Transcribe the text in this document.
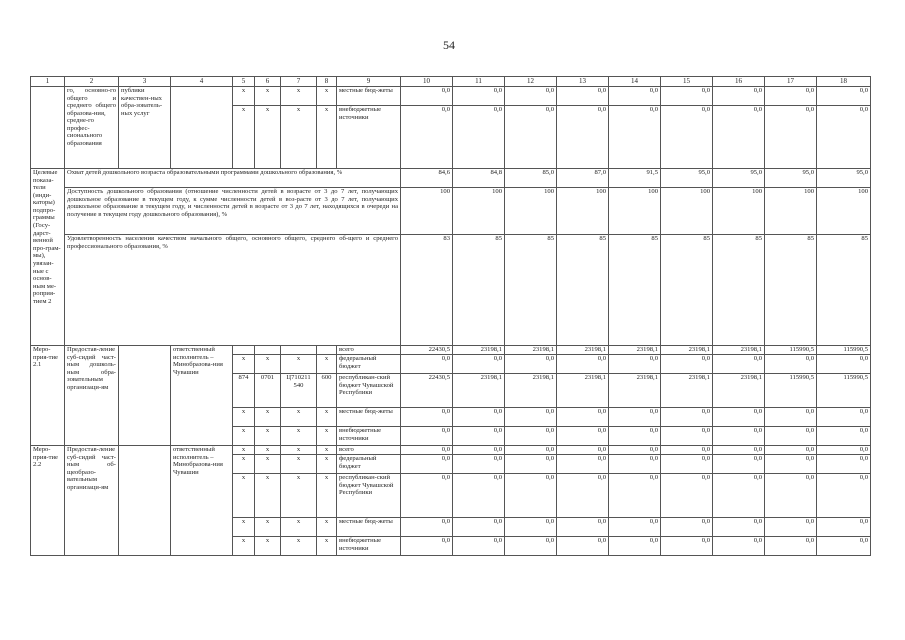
54
1	2	3	4	5	6	7	8	9	10	11	12	13	14	15	16	17	18
	го, основно-го общего и среднего общего образова-ния, средне-го профес-сионального образования	публики качествен-ных обра-зователь-ных услуг		x	x	x	x	местные бюд-жеты	0,0	0,0	0,0	0,0	0,0	0,0	0,0	0,0	0,0
				x	x	x	x	внебюджетные источники	0,0	0,0	0,0	0,0	0,0	0,0	0,0	0,0	0,0
Целевые показа-тели (инди-каторы) подпро-граммы (Госу-дарст-венной про-грам-мы), увязан-ные с основ-ным ме-роприя-тием 2	Охват детей дошкольного возраста образовательными программами дошкольного образования, %								84,6	84,8	85,0	87,0	91,5	95,0	95,0	95,0	95,0
	Доступность дошкольного образования (отношение численности детей в возрасте от 3 до 7 лет, получающих дошкольное образование в текущем году, к сумме численности детей в воз-расте от 3 до 7 лет, получающих дошкольное образование в текущем году, и численности детей в возрасте от 3 до 7 лет, находящихся в очереди на получение в текущем году дошкольного образования), %								100	100	100	100	100	100	100	100	100
	Удовлетворенность населения качеством начального общего, основного общего, среднего об-щего и среднего профессионального образования, %								83	85	85	85	85	85	85	85	85
Меро-прия-тие 2.1	Предостав-ление суб-сидий част-ным дошколь-ным обра-зовательным организаци-ям		ответственный исполнитель – Минобразова-ния Чувашии					всего	22430,5	23198,1	23198,1	23198,1	23198,1	23198,1	23198,1	115990,5	115990,5
				x	x	x	x	федеральный бюджет	0,0	0,0	0,0	0,0	0,0	0,0	0,0	0,0	0,0
				874	0701	Ц710211 540	600	республикан-ский бюджет Чувашской Республики	22430,5	23198,1	23198,1	23198,1	23198,1	23198,1	23198,1	115990,5	115990,5
				x	x	x	x	местные бюд-жеты	0,0	0,0	0,0	0,0	0,0	0,0	0,0	0,0	0,0
				x	x	x	x	внебюджетные источники	0,0	0,0	0,0	0,0	0,0	0,0	0,0	0,0	0,0
Меро-прия-тие 2.2	Предостав-ление суб-сидий част-ным об-щеобразо-вательным организаци-ям		ответственный исполнитель – Минобразова-ния Чувашии	x	x	x	x	всего	0,0	0,0	0,0	0,0	0,0	0,0	0,0	0,0	0,0
				x	x	x	x	федеральный бюджет	0,0	0,0	0,0	0,0	0,0	0,0	0,0	0,0	0,0
				x	x	x	x	республикан-ский бюджет Чувашской Республики	0,0	0,0	0,0	0,0	0,0	0,0	0,0	0,0	0,0
				x	x	x	x	местные бюд-жеты	0,0	0,0	0,0	0,0	0,0	0,0	0,0	0,0	0,0
				x	x	x	x	внебюджетные источники	0,0	0,0	0,0	0,0	0,0	0,0	0,0	0,0	0,0
